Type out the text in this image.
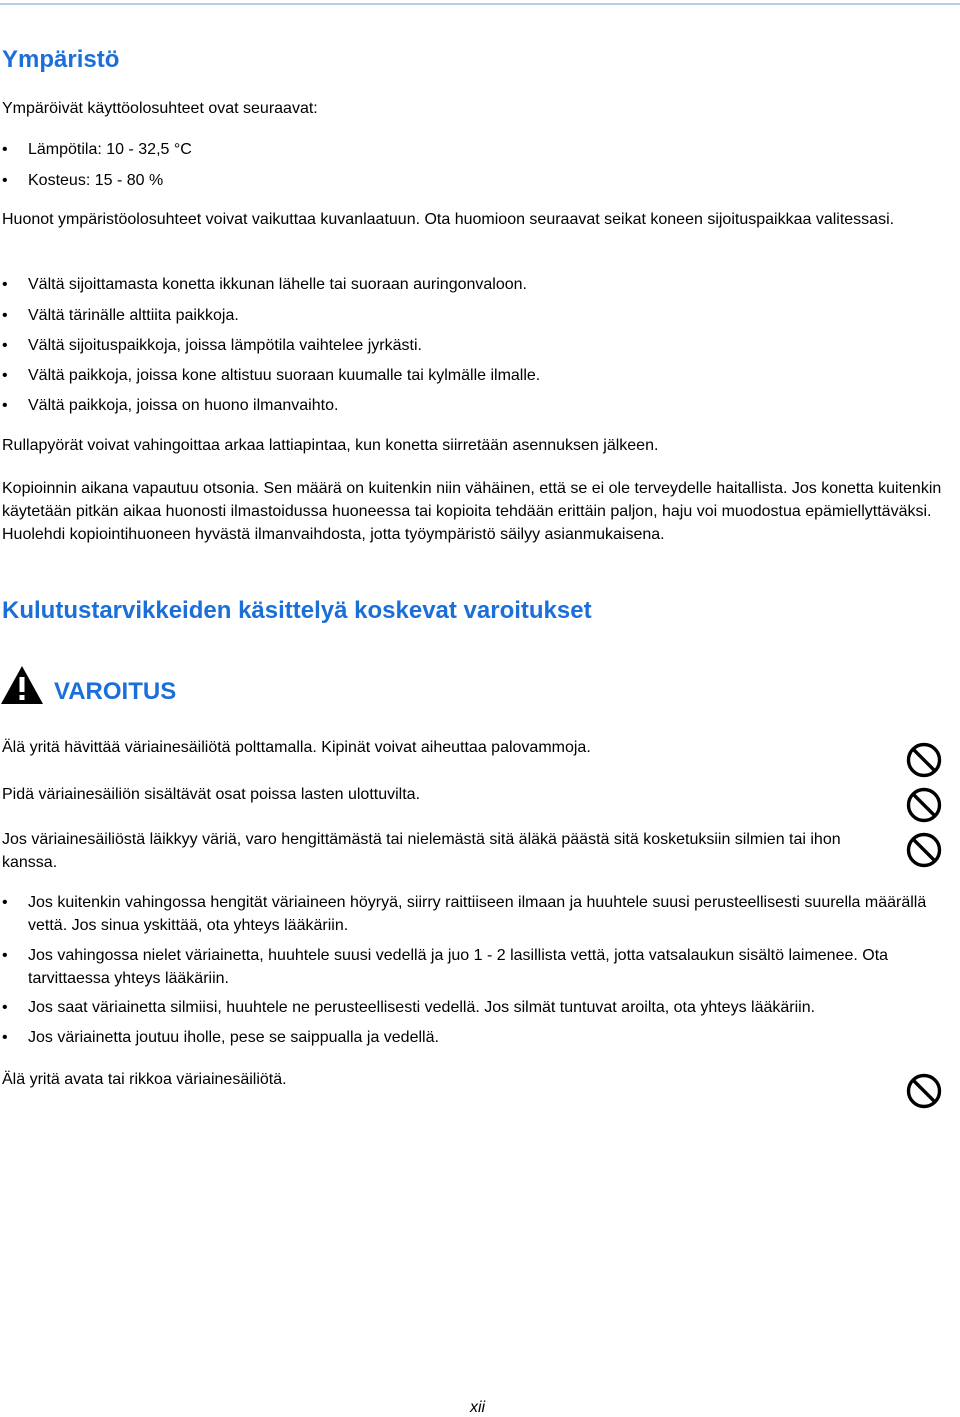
Ympäristö

Ympäröivät käyttöolosuhteet ovat seuraavat:

• Lämpötila: 10 - 32,5 °C
• Kosteus: 15 - 80 %

Huonot ympäristöolosuhteet voivat vaikuttaa kuvanlaatuun. Ota huomioon seuraavat seikat koneen sijoituspaikkaa valitessasi.

• Vältä sijoittamasta konetta ikkunan lähelle tai suoraan auringonvaloon.
• Vältä tärinälle alttiita paikkoja.
• Vältä sijoituspaikkoja, joissa lämpötila vaihtelee jyrkästi.
• Vältä paikkoja, joissa kone altistuu suoraan kuumalle tai kylmälle ilmalle.
• Vältä paikkoja, joissa on huono ilmanvaihto.

Rullapyörät voivat vahingoittaa arkaa lattiapintaa, kun konetta siirretään asennuksen jälkeen.

Kopioinnin aikana vapautuu otsonia. Sen määrä on kuitenkin niin vähäinen, että se ei ole terveydelle haitallista. Jos konetta kuitenkin käytetään pitkän aikaa huonosti ilmastoidussa huoneessa tai kopioita tehdään erittäin paljon, haju voi muodostua epämiellyttäväksi. Huolehdi kopiointihuoneen hyvästä ilmanvaihdosta, jotta työympäristö säilyy asianmukaisena.

Kulutustarvikkeiden käsittelyä koskevat varoitukset
VAROITUS

Älä yritä hävittää väriainesäiliötä polttamalla. Kipinät voivat aiheuttaa palovammoja.

Pidä väriainesäiliön sisältävät osat poissa lasten ulottuvilta.

Jos väriainesäiliöstä läikkyy väriä, varo hengittämästä tai nielemästä sitä äläkä päästä sitä kosketuksiin silmien tai ihon kanssa.

• Jos kuitenkin vahingossa hengität väriaineen höyryä, siirry raittiiseen ilmaan ja huuhtele suusi perusteellisesti suurella määrällä vettä. Jos sinua yskittää, ota yhteys lääkäriin.
• Jos vahingossa nielet väriainetta, huuhtele suusi vedellä ja juo 1 - 2 lasillista vettä, jotta vatsalaukun sisältö laimenee. Ota tarvittaessa yhteys lääkäriin.
• Jos saat väriainetta silmiisi, huuhtele ne perusteellisesti vedellä. Jos silmät tuntuvat aroilta, ota yhteys lääkäriin.
• Jos väriainetta joutuu iholle, pese se saippualla ja vedellä.

Älä yritä avata tai rikkoa väriainesäiliötä.

xii
